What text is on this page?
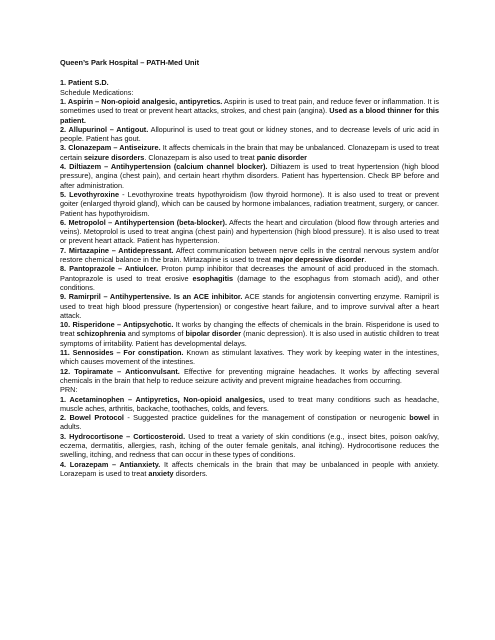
Queen’s Park Hospital – PATH-Med Unit

1. Patient S.D.

Schedule Medications:

1. Aspirin – Non-opioid analgesic, antipyretics. Aspirin is used to treat pain, and reduce fever or inflammation. It is sometimes used to treat or prevent heart attacks, strokes, and chest pain (angina). Used as a blood thinner for this patient.

2. Allupurinol – Antigout. Allopurinol is used to treat gout or kidney stones, and to decrease levels of uric acid in people. Patient has gout.

3. Clonazepam – Antiseizure. It affects chemicals in the brain that may be unbalanced. Clonazepam is used to treat certain seizure disorders. Clonazepam is also used to treat panic disorder

4. Diltiazem – Antihypertension (calcium channel blocker). Diltiazem is used to treat hypertension (high blood pressure), angina (chest pain), and certain heart rhythm disorders. Patient has hypertension. Check BP before and after administration.

5. Levothyroxine - Levothyroxine treats hypothyroidism (low thyroid hormone). It is also used to treat or prevent goiter (enlarged thyroid gland), which can be caused by hormone imbalances, radiation treatment, surgery, or cancer. Patient has hypothyroidism.

6. Metropolol – Antihypertension (beta-blocker). Affects the heart and circulation (blood flow through arteries and veins). Metoprolol is used to treat angina (chest pain) and hypertension (high blood pressure). It is also used to treat or prevent heart attack. Patient has hypertension.

7. Mirtazapine – Antidepressant. Affect communication between nerve cells in the central nervous system and/or restore chemical balance in the brain. Mirtazapine is used to treat major depressive disorder.

8. Pantoprazole – Antiulcer. Proton pump inhibitor that decreases the amount of acid produced in the stomach. Pantoprazole is used to treat erosive esophagitis (damage to the esophagus from stomach acid), and other conditions.

9. Ramirpril – Antihypertensive. Is an ACE inhibitor. ACE stands for angiotensin converting enzyme. Ramipril is used to treat high blood pressure (hypertension) or congestive heart failure, and to improve survival after a heart attack.

10. Risperidone – Antipsychotic. It works by changing the effects of chemicals in the brain. Risperidone is used to treat schizophrenia and symptoms of bipolar disorder (manic depression). It is also used in autistic children to treat symptoms of irritability. Patient has developmental delays.

11. Sennosides – For constipation. Known as stimulant laxatives. They work by keeping water in the intestines, which causes movement of the intestines.

12. Topiramate – Anticonvulsant. Effective for preventing migraine headaches. It works by affecting several chemicals in the brain that help to reduce seizure activity and prevent migraine headaches from occurring.

PRN:

1. Acetaminophen – Antipyretics, Non-opioid analgesics, used to treat many conditions such as headache, muscle aches, arthritis, backache, toothaches, colds, and fevers.

2. Bowel Protocol - Suggested practice guidelines for the management of constipation or neurogenic bowel in adults.

3. Hydrocortisone – Corticosteroid. Used to treat a variety of skin conditions (e.g., insect bites, poison oak/ivy, eczema, dermatitis, allergies, rash, itching of the outer female genitals, anal itching). Hydrocortisone reduces the swelling, itching, and redness that can occur in these types of conditions.

4. Lorazepam – Antianxiety. It affects chemicals in the brain that may be unbalanced in people with anxiety. Lorazepam is used to treat anxiety disorders.
